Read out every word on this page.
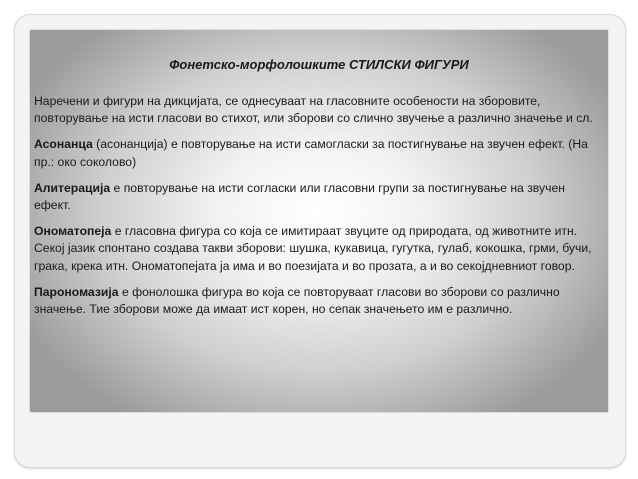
Фонетско-морфолошките СТИЛСКИ ФИГУРИ

Наречени и фигури на дикцијата, се однесуваат на гласовните особености на зборовите, повторување на исти гласови во стихот, или зборови со слично звучење а различно значење и сл.

Асонанца (асонанција) е повторување на исти самогласки за постигнување на звучен ефект. (На пр.: око соколово)

Алитерација е повторување на исти согласки или гласовни групи за постигнување на звучен ефект.

Ономатопеја е гласовна фигура со која се имитираат звуците од природата, од животните итн. Секој јазик спонтано создава такви зборови: шушка, кукавица, гугутка, гулаб, кокошка, грми, бучи, грака, крека итн. Ономатопејата ја има и во поезијата и во прозата, а и во секојдневниот говор.

Парономазија е фонолошка фигура во која се повторуваат гласови во зборови со различно значење. Тие зборови може да имаат ист корен, но сепак значењето им е различно.
